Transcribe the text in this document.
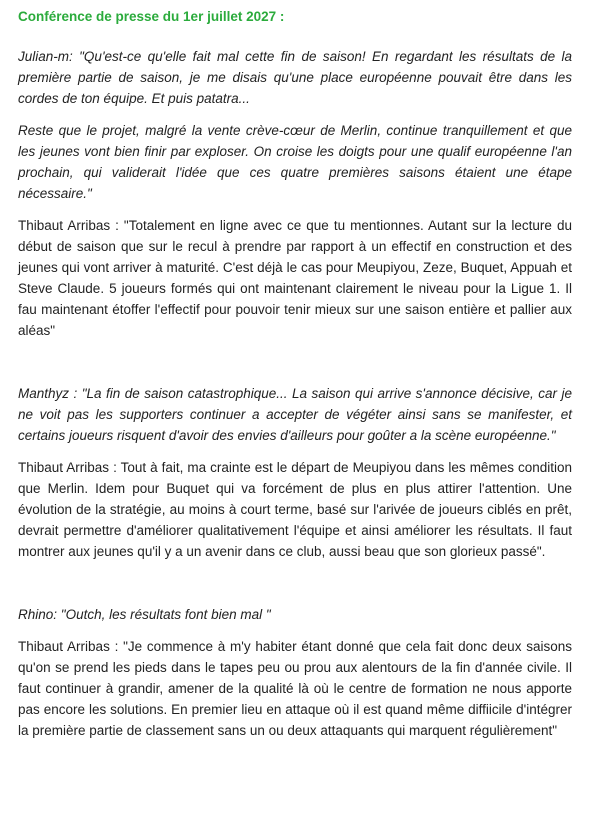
Conférence de presse du 1er juillet 2027 :

Julian-m: "Qu'est-ce qu'elle fait mal cette fin de saison! En regardant les résultats de la première partie de saison, je me disais qu'une place européenne pouvait être dans les cordes de ton équipe. Et puis patatra...

Reste que le projet, malgré la vente crève-cœur de Merlin, continue tranquillement et que les jeunes vont bien finir par exploser. On croise les doigts pour une qualif européenne l'an prochain, qui validerait l'idée que ces quatre premières saisons étaient une étape nécessaire."

Thibaut Arribas : "Totalement en ligne avec ce que tu mentionnes. Autant sur la lecture du début de saison que sur le recul à prendre par rapport à un effectif en construction et des jeunes qui vont arriver à maturité. C'est déjà le cas pour Meupiyou, Zeze, Buquet, Appuah et Steve Claude. 5 joueurs formés qui ont maintenant clairement le niveau pour la Ligue 1. Il fau maintenant étoffer l'effectif pour pouvoir tenir mieux sur une saison entière et pallier aux aléas"

Manthyz : "La fin de saison catastrophique... La saison qui arrive s'annonce décisive, car je ne voit pas les supporters continuer a accepter de végéter ainsi sans se manifester, et certains joueurs risquent d'avoir des envies d'ailleurs pour goûter a la scène européenne."

Thibaut Arribas : Tout à fait, ma crainte est le départ de Meupiyou dans les mêmes condition que Merlin. Idem pour Buquet qui va forcément de plus en plus attirer l'attention. Une évolution de la stratégie, au moins à court terme, basé sur l'arivée de joueurs ciblés en prêt, devrait permettre d'améliorer qualitativement l'équipe et ainsi améliorer les résultats. Il faut montrer aux jeunes qu'il y a un avenir dans ce club, aussi beau que son glorieux passé".

Rhino: "Outch, les résultats font bien mal "

Thibaut Arribas : "Je commence à m'y habiter étant donné que cela fait donc deux saisons qu'on se prend les pieds dans le tapes peu ou prou aux alentours de la fin d'année civile. Il faut continuer à grandir, amener de la qualité là où le centre de formation ne nous apporte pas encore les solutions. En premier lieu en attaque où il est quand même diffiicile d'intégrer la première partie de classement sans un ou deux attaquants qui marquent régulièrement"
